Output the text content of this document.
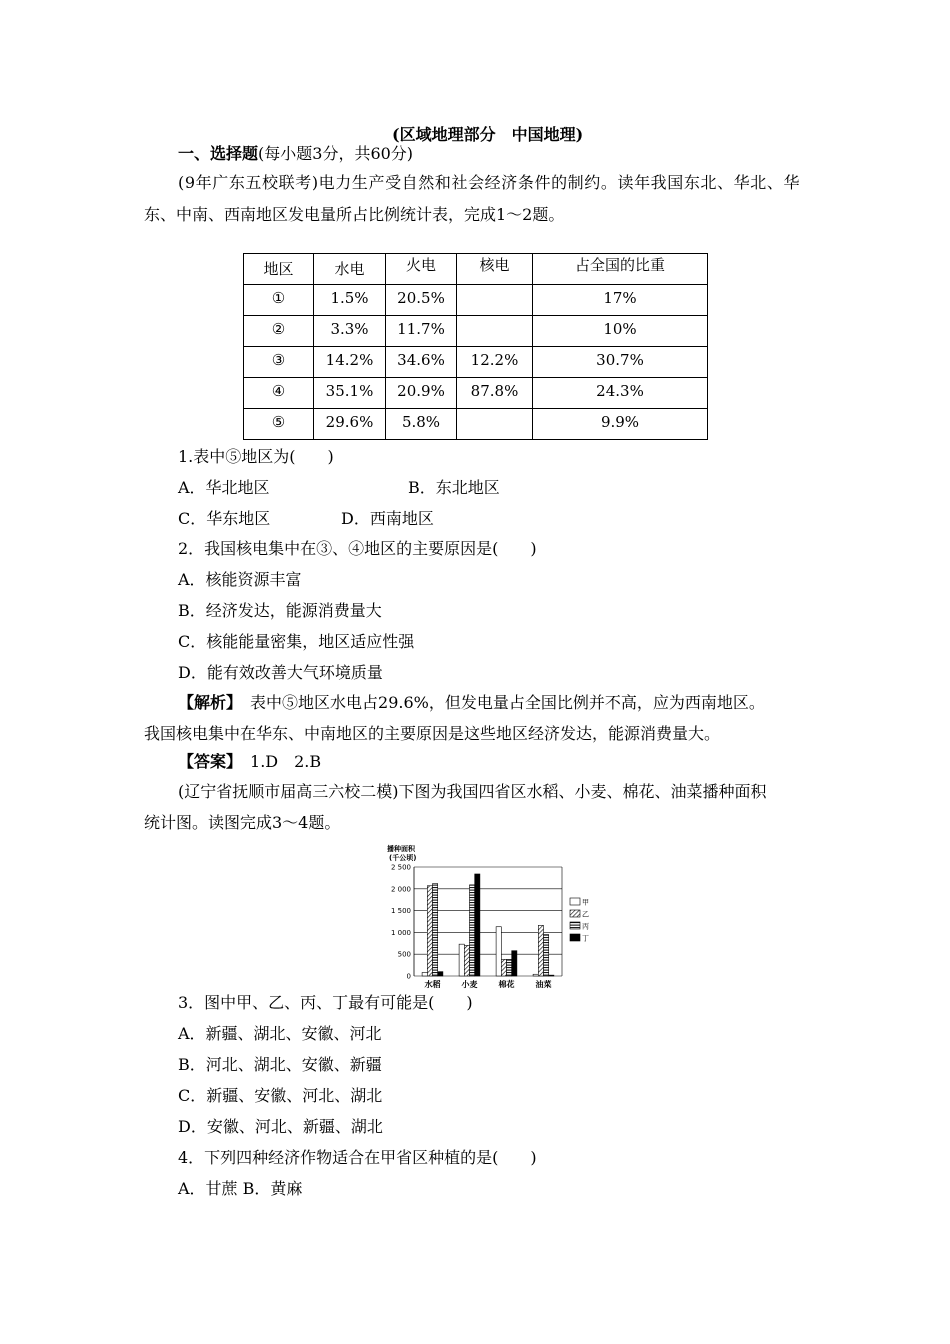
(区域地理部分　中国地理)
一、选择题(每小题3分，共60分)
(9年广东五校联考)电力生产受自然和社会经济条件的制约。读年我国东北、华北、华
东、中南、西南地区发电量所占比例统计表，完成1～2题。
地区	水电	火电	核电	占全国的比重
①	1.5%	20.5%		17%
②	3.3%	11.7%		10%
③	14.2%	34.6%	12.2%	30.7%
④	35.1%	20.9%	87.8%	24.3%
⑤	29.6%	5.8%		9.9%
1.表中⑤地区为(　　)
A．华北地区	B．东北地区
C．华东地区	D．西南地区
2．我国核电集中在③、④地区的主要原因是(　　)
A．核能资源丰富
B．经济发达，能源消费量大
C．核能能量密集，地区适应性强
D．能有效改善大气环境质量
【解析】　表中⑤地区水电占29.6%，但发电量占全国比例并不高，应为西南地区。
我国核电集中在华东、中南地区的主要原因是这些地区经济发达，能源消费量大。
【答案】　1.D　2.B
(辽宁省抚顺市届高三六校二模)下图为我国四省区水稻、小麦、棉花、油菜播种面积
统计图。读图完成3～4题。
播种面积
(千公顷)
0
500
1 000
1 500
2 000
2 500
水稻	小麦	棉花	油菜
甲
乙
丙
丁
3．图中甲、乙、丙、丁最有可能是(　　)
A．新疆、湖北、安徽、河北
B．河北、湖北、安徽、新疆
C．新疆、安徽、河北、湖北
D．安徽、河北、新疆、湖北
4．下列四种经济作物适合在甲省区种植的是(　　)
A．甘蔗 B．黄麻
